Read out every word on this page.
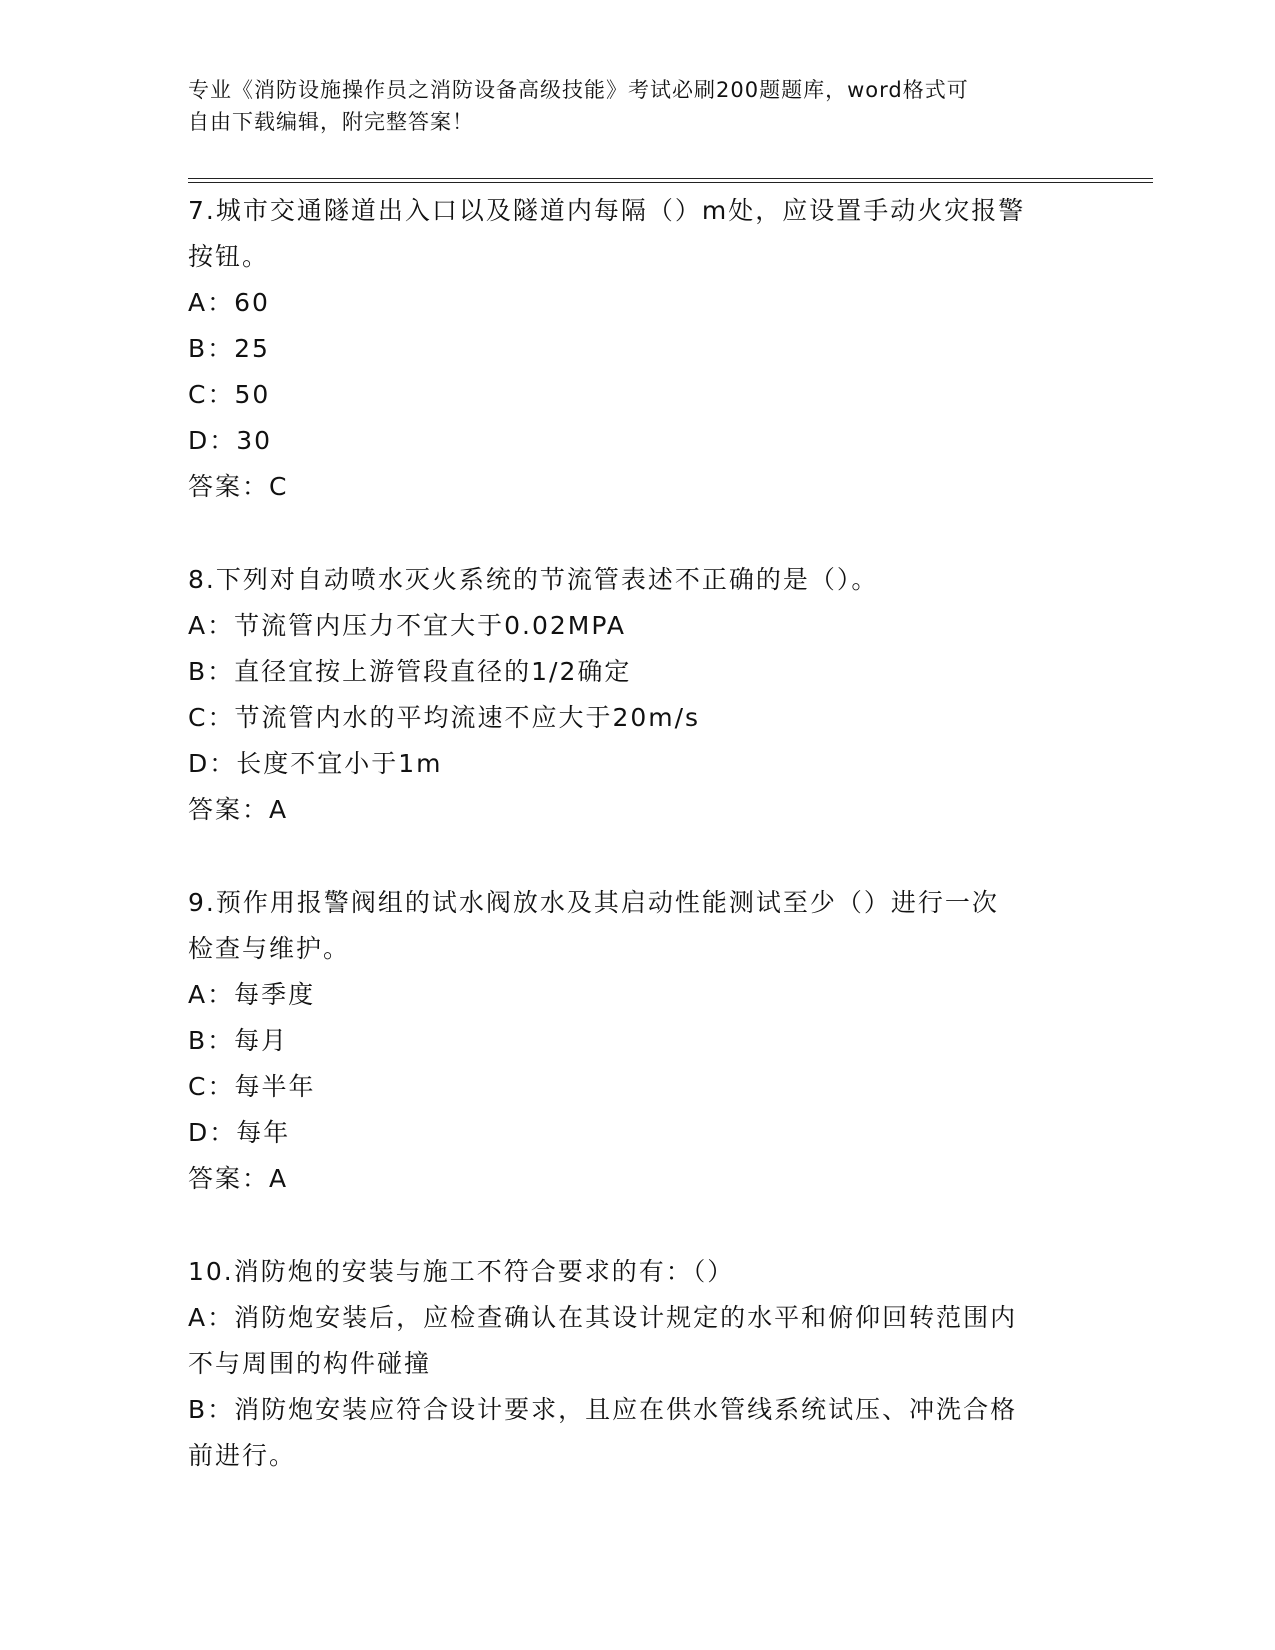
专业《消防设施操作员之消防设备高级技能》考试必刷200题题库，word格式可
自由下载编辑，附完整答案！
7.城市交通隧道出入口以及隧道内每隔（）m处，应设置手动火灾报警
按钮。
A：60
B：25
C：50
D：30
答案：C
8.下列对自动喷水灭火系统的节流管表述不正确的是（）。
A：节流管内压力不宜大于0.02MPA
B：直径宜按上游管段直径的1/2确定
C：节流管内水的平均流速不应大于20m/s
D：长度不宜小于1m
答案：A
9.预作用报警阀组的试水阀放水及其启动性能测试至少（）进行一次
检查与维护。
A：每季度
B：每月
C：每半年
D：每年
答案：A
10.消防炮的安装与施工不符合要求的有：（）
A：消防炮安装后，应检查确认在其设计规定的水平和俯仰回转范围内
不与周围的构件碰撞
B：消防炮安装应符合设计要求，且应在供水管线系统试压、冲洗合格
前进行。
